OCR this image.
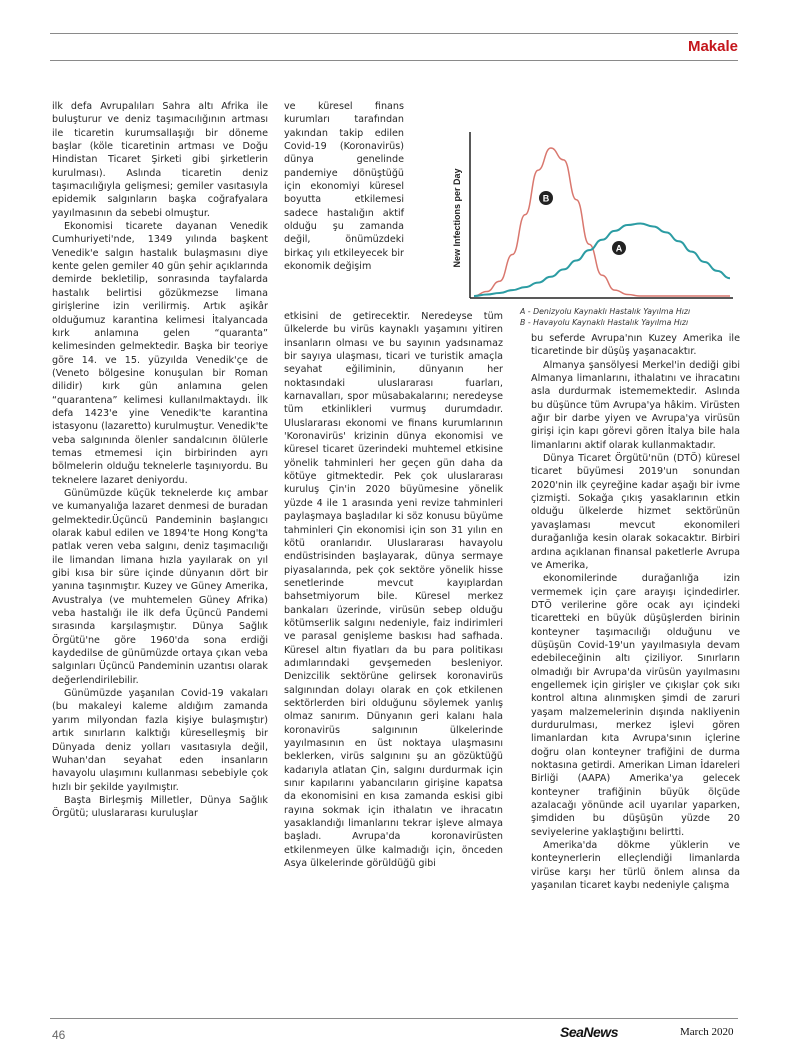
Makale

ilk defa Avrupalıları Sahra altı Afrika ile buluşturur ve deniz taşımacılığının artması ile ticaretin kurumsallaşığı bir döneme başlar (köle ticaretinin artması ve Doğu Hindistan Ticaret Şirketi gibi şirketlerin kurulması). Aslında ticaretin deniz taşımacılığıyla gelişmesi; gemiler vasıtasıyla epidemik salgınların başka coğrafyalara yayılmasının da sebebi olmuştur.

Ekonomisi ticarete dayanan Venedik Cumhuriyeti'nde, 1349 yılında başkent Venedik'e salgın hastalık bulaşmasını diye kente gelen gemiler 40 gün şehir açıklarında demirde bekletilip, sonrasında tayfalarda hastalık belirtisi gözükmezse limana girişlerine izin verilirmiş. Artık aşikâr olduğumuz karantina kelimesi İtalyancada kırk anlamına gelen “quaranta” kelimesinden gelmektedir. Başka bir teoriye göre 14. ve 15. yüzyılda Venedik'çe de (Veneto bölgesine konuşulan bir Roman dilidir) kırk gün anlamına gelen “quarantena” kelimesi kullanılmaktaydı. İlk defa 1423'e yine Venedik'te karantina istasyonu (lazaretto) kurulmuştur. Venedik'te veba salgınında ölenler sandalcının ölülerle temas etmemesi için birbirinden ayrı bölmelerin olduğu teknelerle taşınıyordu. Bu teknelere lazaret deniyordu.

Günümüzde küçük teknelerde kıç ambar ve kumanyalığa lazaret denmesi de buradan gelmektedir.Üçüncü Pandeminin başlangıcı olarak kabul edilen ve 1894'te Hong Kong'ta patlak veren veba salgını, deniz taşımacılığı ile limandan limana hızla yayılarak on yıl gibi kısa bir süre içinde dünyanın dört bir yanına taşınmıştır. Kuzey ve Güney Amerika, Avustralya (ve muhtemelen Güney Afrika) veba hastalığı ile ilk defa Üçüncü Pandemi sırasında karşılaşmıştır. Dünya Sağlık Örgütü'ne göre 1960'da sona erdiği kaydedilse de günümüzde ortaya çıkan veba salgınları Üçüncü Pandeminin uzantısı olarak değerlendirilebilir.

Günümüzde yaşanılan Covid-19 vakaları (bu makaleyi kaleme aldığım zamanda yarım milyondan fazla kişiye bulaşmıştır) artık sınırların kalktığı küreselleşmiş bir Dünyada deniz yolları vasıtasıyla değil, Wuhan'dan seyahat eden insanların havayolu ulaşımını kullanması sebebiyle çok hızlı bir şekilde yayılmıştır.

Başta Birleşmiş Milletler, Dünya Sağlık Örgütü; uluslararası kuruluşlar

ve küresel finans kurumları tarafından yakından takip edilen Covid-19 (Koronavirüs) dünya genelinde pandemiye dönüştüğü için ekonomiyi küresel boyutta etkilemesi sadece hastalığın aktif olduğu şu zamanda değil, önümüzdeki birkaç yılı etkileyecek bir ekonomik değişim	New Infections per Day	B
A
A - Denizyolu Kaynaklı Hastalık Yayılma Hızı
B - Havayolu Kaynaklı Hastalık Yayılma Hızı

etkisini de getirecektir. Neredeyse tüm ülkelerde bu virüs kaynaklı yaşamını yitiren insanların olması ve bu sayının yadsınamaz bir sayıya ulaşması, ticari ve turistik amaçla seyahat eğiliminin, dünyanın her noktasındaki uluslararası fuarları, karnavalları, spor müsabakalarını; neredeyse tüm etkinlikleri vurmuş durumdadır. Uluslararası ekonomi ve finans kurumlarının 'Koronavirüs' krizinin dünya ekonomisi ve küresel ticaret üzerindeki muhtemel etkisine yönelik tahminleri her geçen gün daha da kötüye gitmektedir. Pek çok uluslararası kuruluş Çin'in 2020 büyümesine yönelik yüzde 4 ile 1 arasında yeni revize tahminleri paylaşmaya başladılar ki söz konusu büyüme tahminleri Çin ekonomisi için son 31 yılın en kötü oranlarıdır. Uluslararası havayolu endüstrisinden başlayarak, dünya sermaye piyasalarında, pek çok sektöre yönelik hisse senetlerinde mevcut kayıplardan bahsetmiyorum bile. Küresel merkez bankaları üzerinde, virüsün sebep olduğu kötümserlik salgını nedeniyle, faiz indirimleri ve parasal genişleme baskısı had safhada. Küresel altın fiyatları da bu para politikası adımlarındaki gevşemeden besleniyor. Denizcilik sektörüne gelirsek koronavirüs salgınından dolayı olarak en çok etkilenen sektörlerden biri olduğunu söylemek yanlış olmaz sanırım. Dünyanın geri kalanı hala koronavirüs salgınının ülkelerinde yayılmasının en üst noktaya ulaşmasını beklerken, virüs salgınını şu an gözüktüğü kadarıyla atlatan Çin, salgını durdurmak için sınır kapılarını yabancıların girişine kapatsa da ekonomisini en kısa zamanda eskisi gibi rayına sokmak için ithalatın ve ihracatın yasaklandığı limanlarını tekrar işleve almaya başladı. Avrupa'da koronavirüsten etkilenmeyen ülke kalmadığı için, önceden Asya ülkelerinde görüldüğü gibi

bu seferde Avrupa'nın Kuzey Amerika ile ticaretinde bir düşüş yaşanacaktır.

Almanya şansölyesi Merkel'in dediği gibi Almanya limanlarını, ithalatını ve ihracatını asla durdurmak istememektedir. Aslında bu düşünce tüm Avrupa'ya hâkim. Virüsten ağır bir darbe yiyen ve Avrupa'ya virüsün girişi için kapı görevi gören İtalya bile hala limanlarını aktif olarak kullanmaktadır.

Dünya Ticaret Örgütü'nün (DTÖ) küresel ticaret büyümesi 2019'un sonundan 2020'nin ilk çeyreğine kadar aşağı bir ivme çizmişti. Sokağa çıkış yasaklarının etkin olduğu ülkelerde hizmet sektörünün yavaşlaması mevcut ekonomileri durağanlığa kesin olarak sokacaktır. Birbiri ardına açıklanan finansal paketlerle Avrupa ve Amerika,

ekonomilerinde durağanlığa izin vermemek için çare arayışı içindedirler. DTÖ verilerine göre ocak ayı içindeki ticaretteki en büyük düşüşlerden birinin konteyner taşımacılığı olduğunu ve düşüşün Covid-19'un yayılmasıyla devam edebileceğinin altı çiziliyor. Sınırların olmadığı bir Avrupa'da virüsün yayılmasını engellemek için girişler ve çıkışlar çok sıkı kontrol altına alınmışken şimdi de zaruri yaşam malzemelerinin dışında nakliyenin durdurulması, merkez işlevi gören limanlardan kıta Avrupa'sının içlerine doğru olan konteyner trafiğini de durma noktasına getirdi. Amerikan Liman İdareleri Birliği (AAPA) Amerika'ya gelecek konteyner trafiğinin büyük ölçüde azalacağı yönünde acil uyarılar yaparken, şimdiden bu düşüşün yüzde 20 seviyelerine yaklaştığını belirtti.

Amerika'da dökme yüklerin ve konteynerlerin elleçlendiği limanlarda virüse karşı her türlü önlem alınsa da yaşanılan ticaret kaybı nedeniyle çalışma

46	SeaNews	March 2020
